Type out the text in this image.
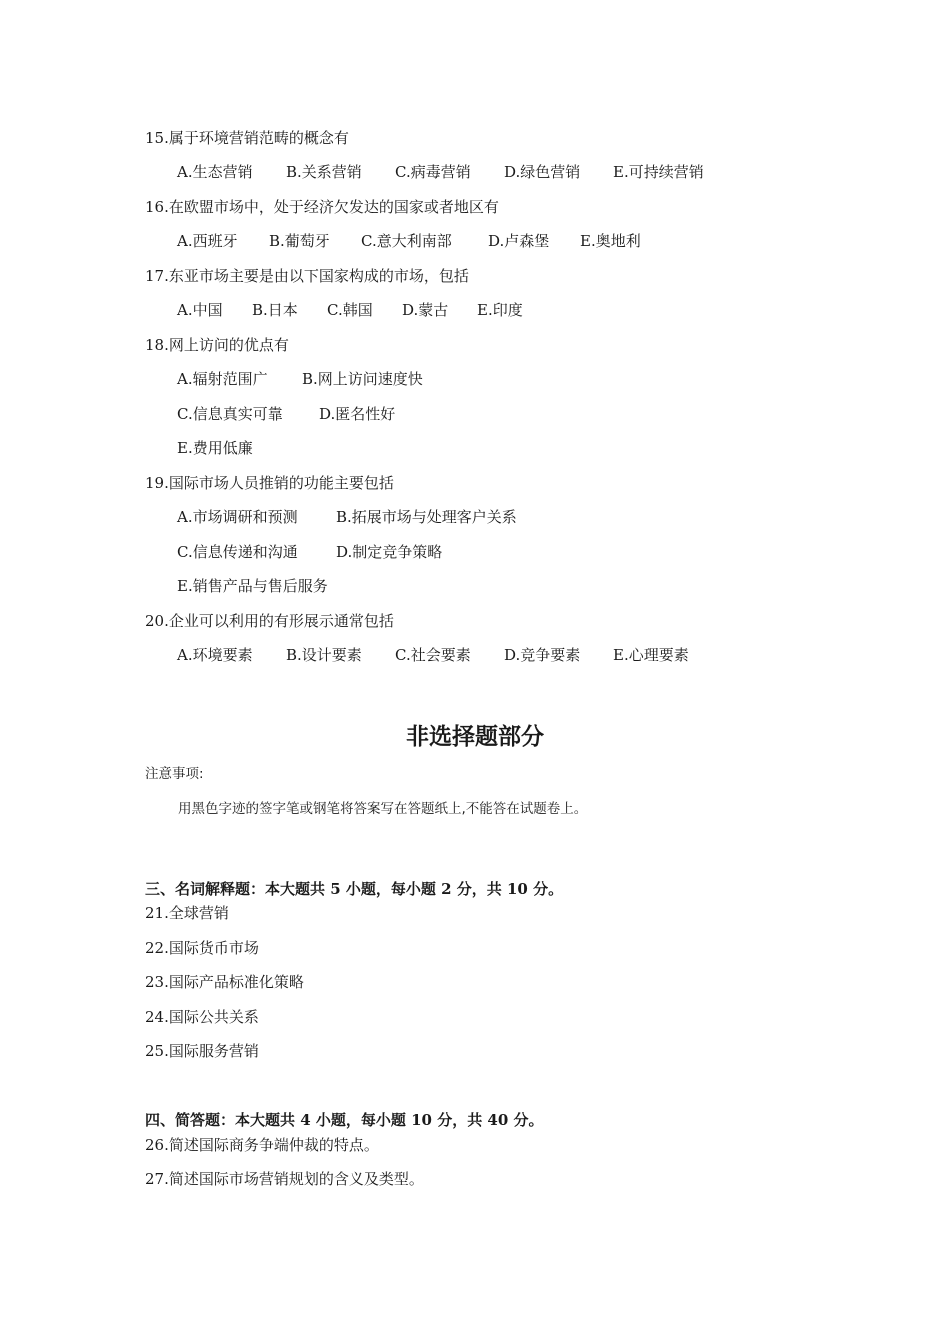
15.属于环境营销范畴的概念有
A.生态营销 B.关系营销 C.病毒营销 D.绿色营销 E.可持续营销
16.在欧盟市场中，处于经济欠发达的国家或者地区有
A.西班牙 B.葡萄牙 C.意大利南部 D.卢森堡 E.奥地利
17.东亚市场主要是由以下国家构成的市场，包括
A.中国 B.日本 C.韩国 D.蒙古 E.印度
18.网上访问的优点有
A.辐射范围广 B.网上访问速度快
C.信息真实可靠 D.匿名性好
E.费用低廉
19.国际市场人员推销的功能主要包括
A.市场调研和预测	B.拓展市场与处理客户关系
C.信息传递和沟通	D.制定竞争策略
E.销售产品与售后服务
20.企业可以利用的有形展示通常包括
A.环境要素 B.设计要素 C.社会要素 D.竞争要素 E.心理要素
非选择题部分
注意事项:
用黑色字迹的签字笔或钢笔将答案写在答题纸上,不能答在试题卷上。
三、名词解释题：本大题共 5 小题，每小题 2 分，共 10 分。
21.全球营销
22.国际货币市场
23.国际产品标准化策略
24.国际公共关系
25.国际服务营销
四、简答题：本大题共 4 小题，每小题 10 分，共 40 分。
26.简述国际商务争端仲裁的特点。
27.简述国际市场营销规划的含义及类型。
